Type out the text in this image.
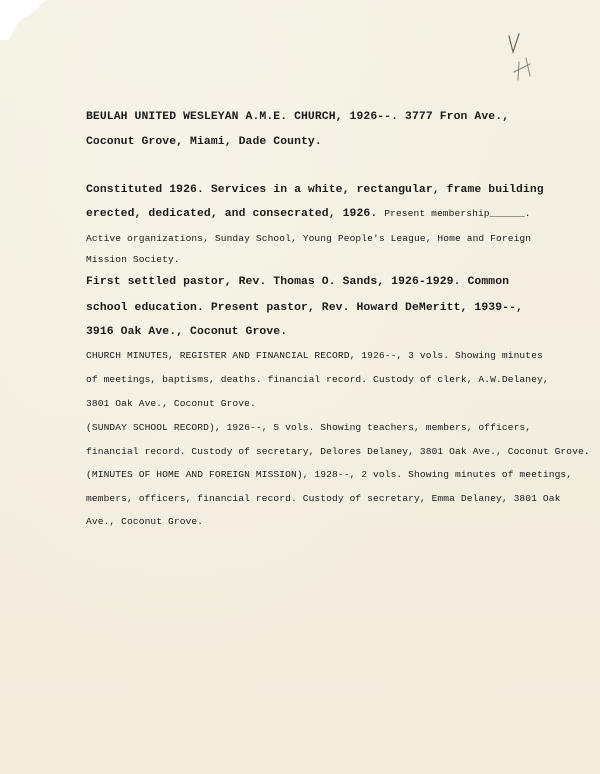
BEULAH UNITED WESLEYAN A.M.E. CHURCH, 1926--. 3777 Fron Ave.,

Coconut Grove, Miami, Dade County.

Constituted 1926. Services in a white, rectangular, frame building

erected, dedicated, and consecrated, 1926. Present membership______.

Active organizations, Sunday School, Young People's League, Home and Foreign

Mission Society.

First settled pastor, Rev. Thomas O. Sands, 1926-1929. Common

school education. Present pastor, Rev. Howard DeMeritt, 1939--,

3916 Oak Ave., Coconut Grove.

CHURCH MINUTES, REGISTER AND FINANCIAL RECORD, 1926--, 3 vols. Showing minutes

of meetings, baptisms, deaths. financial record. Custody of clerk, A.W.Delaney,

3801 Oak Ave., Coconut Grove.

(SUNDAY SCHOOL RECORD), 1926--, 5 vols. Showing teachers, members, officers,

financial record. Custody of secretary, Delores Delaney, 3801 Oak Ave., Coconut Grove.

(MINUTES OF HOME AND FOREIGN MISSION), 1928--, 2 vols. Showing minutes of meetings,

members, officers, financial record. Custody of secretary, Emma Delaney, 3801 Oak

Ave., Coconut Grove.
